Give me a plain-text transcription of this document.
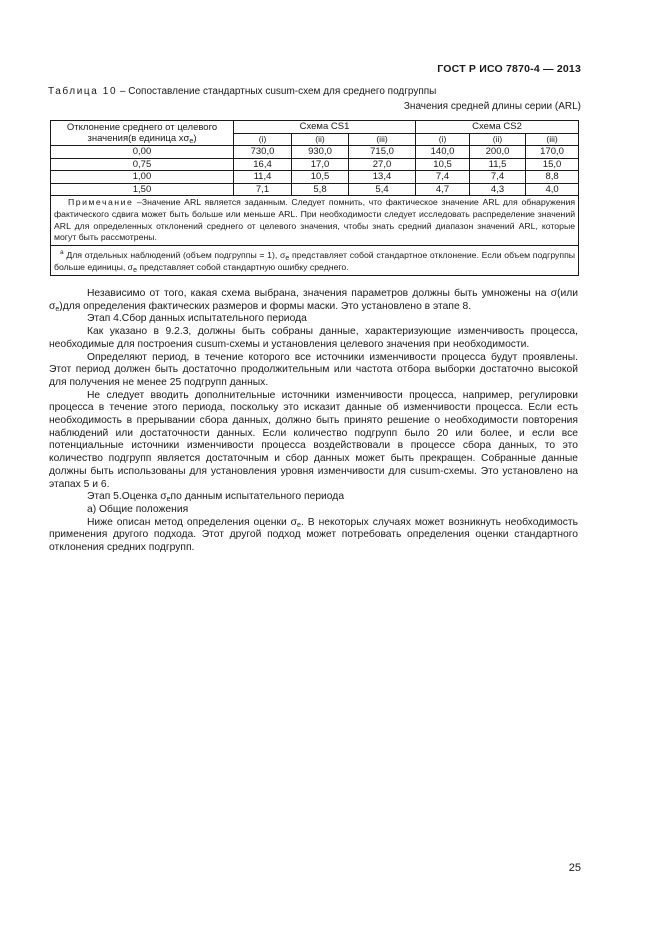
ГОСТ Р ИСО 7870-4 — 2013
Таблица 10 – Сопоставление стандартных cusum-схем для среднего подгруппы
Значения средней длины серии (ARL)
Отклонение среднего от целевого значения(в единица $x\sigma_e$)	Схема CS1			Схема CS2		
	(i)	(ii)	(iii)	(i)	(ii)	(iii)
0,00	730,0	930,0	715,0	140,0	200,0	170,0
0,75	16,4	17,0	27,0	10,5	11,5	15,0
1,00	11,4	10,5	13,4	7,4	7,4	8,8
1,50	7,1	5,8	5,4	4,7	4,3	4,0
Примечание –Значение ARL является заданным. Следует помнить, что фактическое значение ARL для обнаружения фактического сдвига может быть больше или меньше ARL. При необходимости следует исследовать распределение значений ARL для определенных отклонений среднего от целевого значения, чтобы знать средний диапазон значений ARL, которые могут быть рассмотрены.						
$^a$ Для отдельных наблюдений (объем подгруппы = 1), $\sigma_e$ представляет собой стандартное отклонение. Если объем подгруппы больше единицы, $\sigma_e$ представляет собой стандартную ошибку среднего.						

Независимо от того, какая схема выбрана, значения параметров должны быть умножены на σ(или $\sigma_e)для$ определения фактических размеров и формы маски. Это установлено в этапе 8.

Этап 4.Сбор данных испытательного периода

Как указано в 9.2.3, должны быть собраны данные, характеризующие изменчивость процесса, необходимые для построения cusum-схемы и установления целевого значения при необходимости.

Определяют период, в течение которого все источники изменчивости процесса будут проявлены. Этот период должен быть достаточно продолжительным или частота отбора выборки достаточно высокой для получения не менее 25 подгрупп данных.

Не следует вводить дополнительные источники изменчивости процесса, например, регулировки процесса в течение этого периода, поскольку это исказит данные об изменчивости процесса. Если есть необходимость в прерывании сбора данных, должно быть принято решение о необходимости повторения наблюдений или достаточности данных. Если количество подгрупп было 20 или более, и если все потенциальные источники изменчивости процесса воздействовали в процессе сбора данных, то это количество подгрупп является достаточным и сбор данных может быть прекращен. Собранные данные должны быть использованы для установления уровня изменчивости для cusum-схемы. Это установлено на этапах 5 и 6.

Этап 5.Оценка $\sigma_eпо$ данным испытательного периода

а) Общие положения

Ниже описан метод определения оценки $\sigma_e$. В некоторых случаях может возникнуть необходимость применения другого подхода. Этот другой подход может потребовать определения оценки стандартного отклонения средних подгрупп.

25
